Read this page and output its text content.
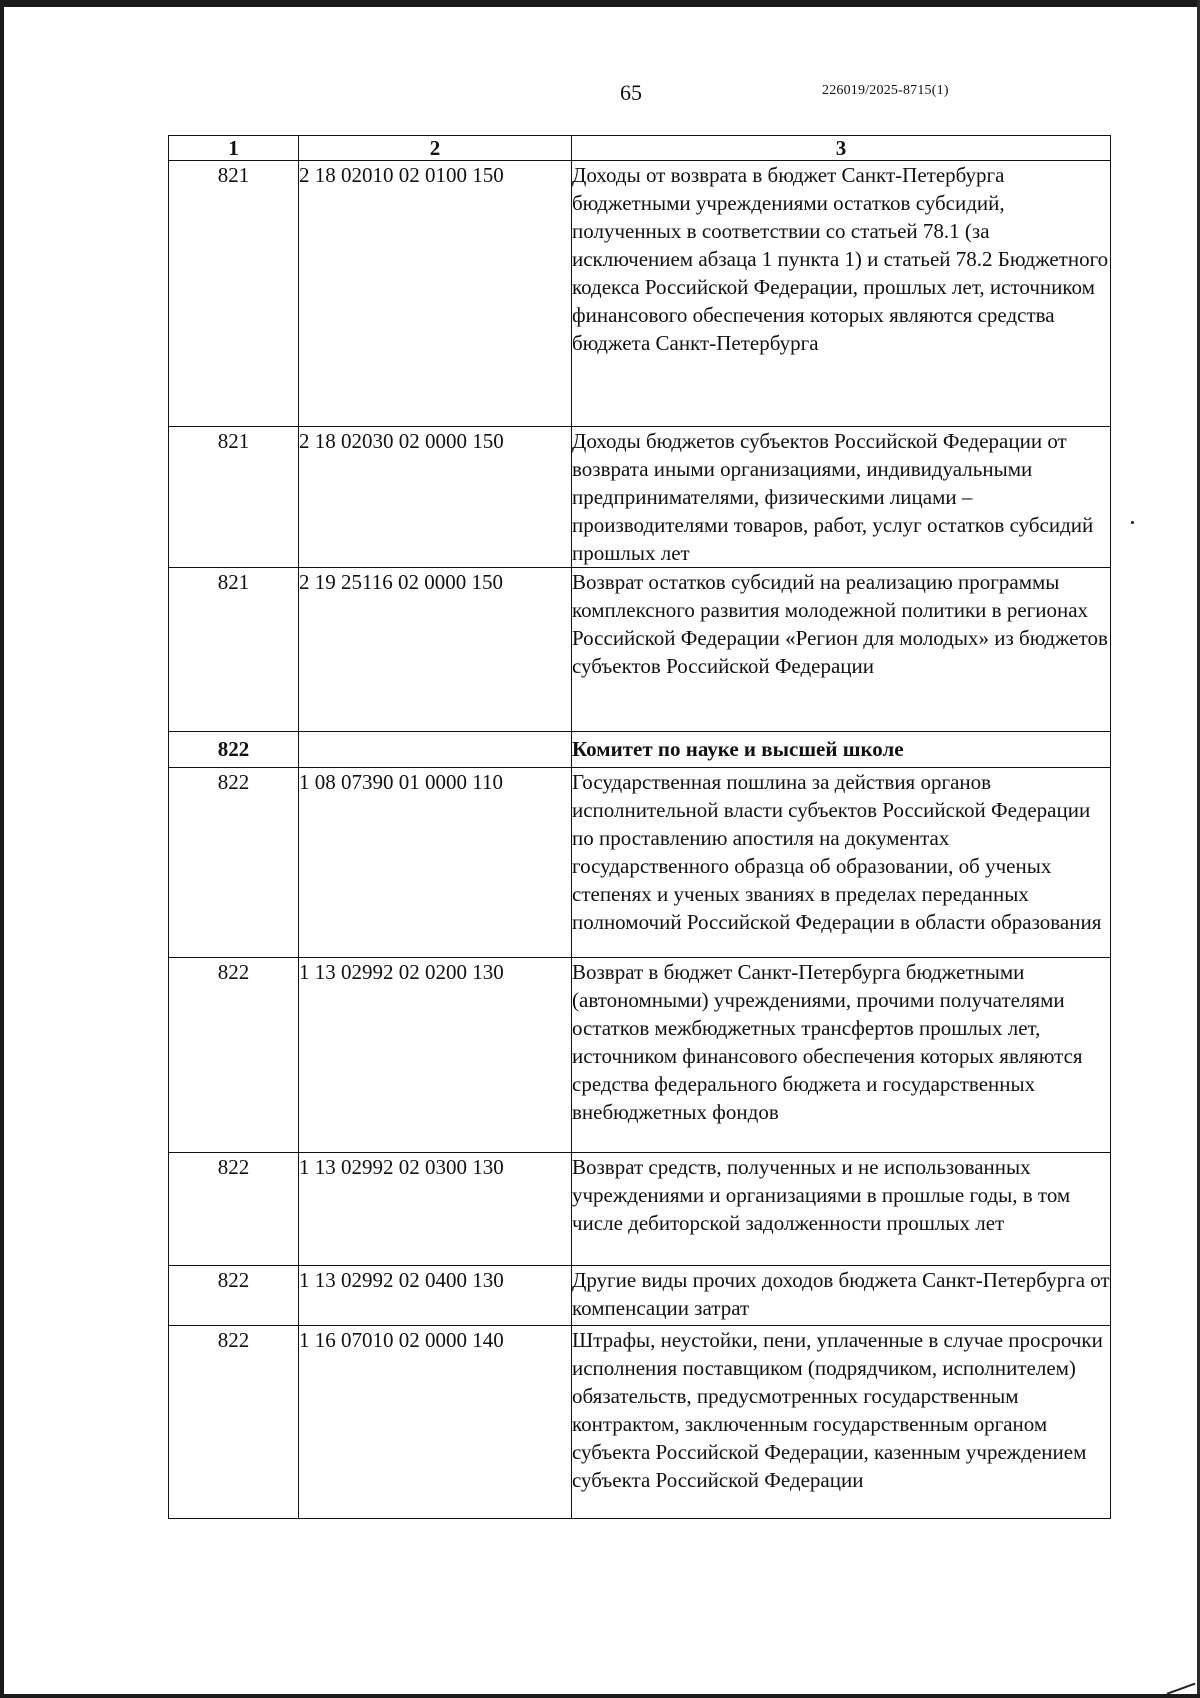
65	226019/2025-8715(1)
1	2	3
821	2 18 02010 02 0100 150	Доходы от возврата в бюджет Санкт-Петербурга бюджетными учреждениями остатков субсидий, полученных в соответствии со статьей 78.1 (за исключением абзаца 1 пункта 1) и статьей 78.2 Бюджетного кодекса Российской Федерации, прошлых лет, источником финансового обеспечения которых являются средства бюджета Санкт-Петербурга
821	2 18 02030 02 0000 150	Доходы бюджетов субъектов Российской Федерации от возврата иными организациями, индивидуальными предпринимателями, физическими лицами – производителями товаров, работ, услуг остатков субсидий прошлых лет
821	2 19 25116 02 0000 150	Возврат остатков субсидий на реализацию программы комплексного развития молодежной политики в регионах Российской Федерации «Регион для молодых» из бюджетов субъектов Российской Федерации
822		Комитет по науке и высшей школе
822	1 08 07390 01 0000 110	Государственная пошлина за действия органов исполнительной власти субъектов Российской Федерации по проставлению апостиля на документах государственного образца об образовании, об ученых степенях и ученых званиях в пределах переданных полномочий Российской Федерации в области образования
822	1 13 02992 02 0200 130	Возврат в бюджет Санкт-Петербурга бюджетными (автономными) учреждениями, прочими получателями остатков межбюджетных трансфертов прошлых лет, источником финансового обеспечения которых являются средства федерального бюджета и государственных внебюджетных фондов
822	1 13 02992 02 0300 130	Возврат средств, полученных и не использованных учреждениями и организациями в прошлые годы, в том числе дебиторской задолженности прошлых лет
822	1 13 02992 02 0400 130	Другие виды прочих доходов бюджета Санкт-Петербурга от компенсации затрат
822	1 16 07010 02 0000 140	Штрафы, неустойки, пени, уплаченные в случае просрочки исполнения поставщиком (подрядчиком, исполнителем) обязательств, предусмотренных государственным контрактом, заключенным государственным органом субъекта Российской Федерации, казенным учреждением субъекта Российской Федерации
